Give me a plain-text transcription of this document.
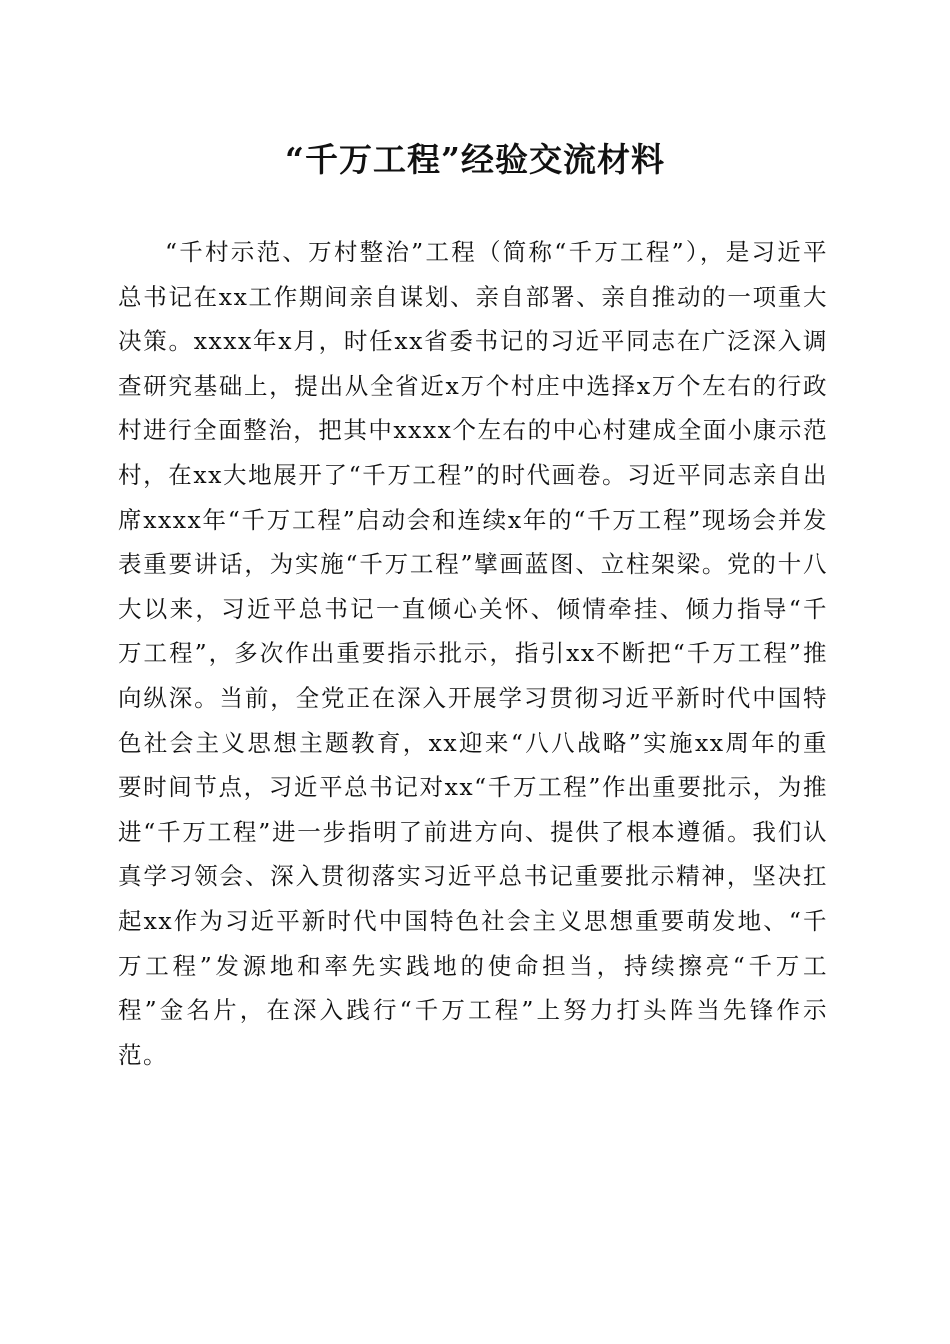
“千万工程”经验交流材料

“千村示范、万村整治”工程（简称“千万工程”），是习近平总书记在xx工作期间亲自谋划、亲自部署、亲自推动的一项重大决策。xxxx年x月，时任xx省委书记的习近平同志在广泛深入调查研究基础上，提出从全省近x万个村庄中选择x万个左右的行政村进行全面整治，把其中xxxx个左右的中心村建成全面小康示范村，在xx大地展开了“千万工程”的时代画卷。习近平同志亲自出席xxxx年“千万工程”启动会和连续x年的“千万工程”现场会并发表重要讲话，为实施“千万工程”擘画蓝图、立柱架梁。党的十八大以来，习近平总书记一直倾心关怀、倾情牵挂、倾力指导“千万工程”，多次作出重要指示批示，指引xx不断把“千万工程”推向纵深。当前，全党正在深入开展学习贯彻习近平新时代中国特色社会主义思想主题教育，xx迎来“八八战略”实施xx周年的重要时间节点，习近平总书记对xx“千万工程”作出重要批示，为推进“千万工程”进一步指明了前进方向、提供了根本遵循。我们认真学习领会、深入贯彻落实习近平总书记重要批示精神，坚决扛起xx作为习近平新时代中国特色社会主义思想重要萌发地、“千万工程”发源地和率先实践地的使命担当，持续擦亮“千万工程”金名片，在深入践行“千万工程”上努力打头阵当先锋作示范。
